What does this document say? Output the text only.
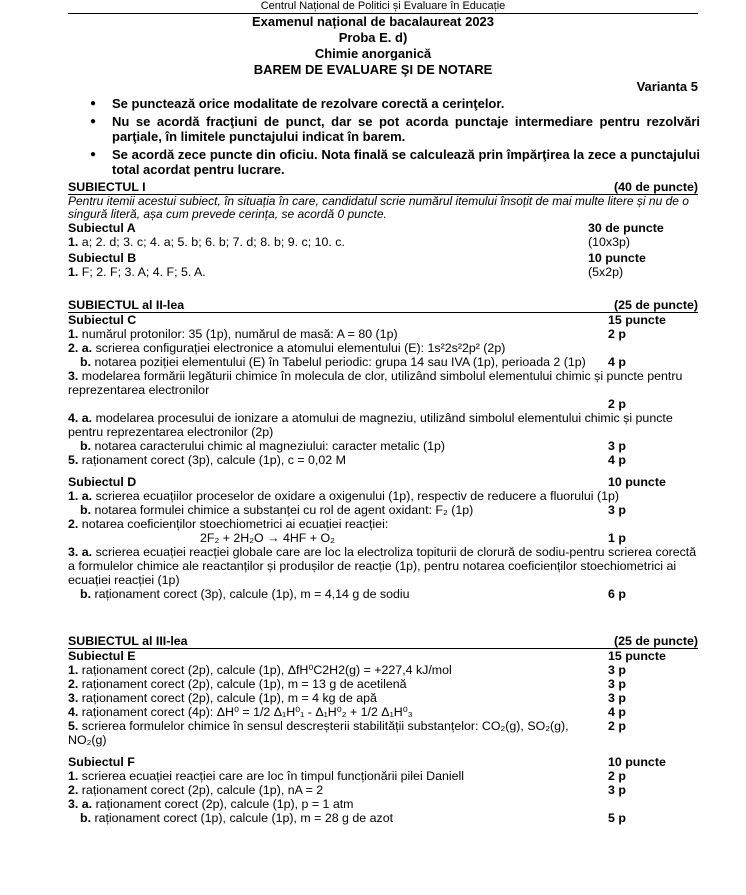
Centrul Național de Politici și Evaluare în Educație
Examenul național de bacalaureat 2023
Proba E. d)
Chimie anorganică
BAREM DE EVALUARE ŞI DE NOTARE
Varianta 5
● Se punctează orice modalitate de rezolvare corectă a cerinţelor.
● Nu se acordă fracţiuni de punct, dar se pot acorda punctaje intermediare pentru rezolvări parţiale, în limitele punctajului indicat în barem.
● Se acordă zece puncte din oficiu. Nota finală se calculează prin împărţirea la zece a punctajului total acordat pentru lucrare.
SUBIECTUL I	(40 de puncte)
Pentru itemii acestui subiect, în situația în care, candidatul scrie numărul itemului însoțit de mai multe litere și nu de o singură literă, așa cum prevede cerința, se acordă 0 puncte.
Subiectul A	30 de puncte
1. a; 2. d; 3. c; 4. a; 5. b; 6. b; 7. d; 8. b; 9. c; 10. c.	(10x3p)
Subiectul B	10 puncte
1. F; 2. F; 3. A; 4. F; 5. A.	(5x2p)
SUBIECTUL al II-lea	(25 de puncte)
Subiectul C	15 puncte
1. numărul protonilor: 35 (1p), numărul de masă: A = 80 (1p)	2 p
2. a. scrierea configurației electronice a atomului elementului (E): 1s²2s²2p² (2p)
b. notarea poziției elementului (E) în Tabelul periodic: grupa 14 sau IVA (1p), perioada 2 (1p)	4 p
3. modelarea formării legăturii chimice în molecula de clor, utilizând simbolul elementului chimic și puncte pentru reprezentarea electronilor
2 p
4. a. modelarea procesului de ionizare a atomului de magneziu, utilizând simbolul elementului chimic și puncte pentru reprezentarea electronilor (2p)
b. notarea caracterului chimic al magneziului: caracter metalic (1p)	3 p
5. raționament corect (3p), calcule (1p), c = 0,02 M	4 p
Subiectul D	10 puncte
1. a. scrierea ecuațiilor proceselor de oxidare a oxigenului (1p), respectiv de reducere a fluorului (1p)
b. notarea formulei chimice a substanței cu rol de agent oxidant: F₂ (1p)	3 p
2. notarea coeficienților stoechiometrici ai ecuației reacției:
2F₂ + 2H₂O → 4HF + O₂	1 p
3. a. scrierea ecuației reacției globale care are loc la electroliza topiturii de clorură de sodiu-pentru scrierea corectă a formulelor chimice ale reactanților și produșilor de reacție (1p), pentru notarea coeficienților stoechiometrici ai ecuației reacției (1p)
b. raționament corect (3p), calcule (1p), m = 4,14 g de sodiu	6 p
SUBIECTUL al III-lea	(25 de puncte)
Subiectul E	15 puncte
1. raționament corect (2p), calcule (1p), ΔfH⁰C2H2(g) = +227,4 kJ/mol	3 p
2. raționament corect (2p), calcule (1p), m = 13 g de acetilenă	3 p
3. raționament corect (2p), calcule (1p), m = 4 kg de apă	3 p
4. raționament corect (4p): ΔH⁰ = 1/2 Δ₁H⁰₁ - Δ₁H⁰₂ + 1/2 Δ₁H⁰₃	4 p
5. scrierea formulelor chimice în sensul descreșterii stabilității substanțelor: CO₂(g), SO₂(g), NO₂(g)
2 p
Subiectul F	10 puncte
1. scrierea ecuației reacției care are loc în timpul funcționării pilei Daniell	2 p
2. raționament corect (2p), calcule (1p), nA = 2	3 p
3. a. raționament corect (2p), calcule (1p), p = 1 atm
b. raționament corect (1p), calcule (1p), m = 28 g de azot	5 p
